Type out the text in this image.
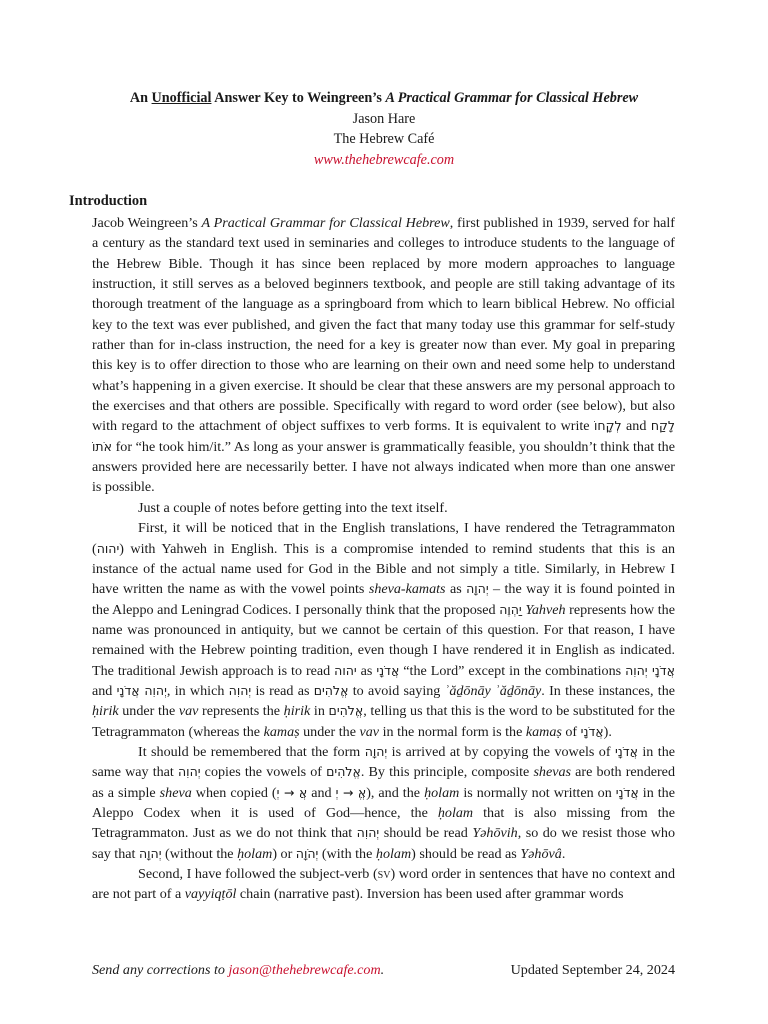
An Unofficial Answer Key to Weingreen’s A Practical Grammar for Classical Hebrew
Jason Hare
The Hebrew Café
www.thehebrewcafe.com
Introduction

Jacob Weingreen’s A Practical Grammar for Classical Hebrew, first published in 1939, served for half a century as the standard text used in seminaries and colleges to introduce students to the language of the Hebrew Bible. Though it has since been replaced by more modern approaches to language instruction, it still serves as a beloved beginners textbook, and people are still taking advantage of its thorough treatment of the language as a springboard from which to learn biblical Hebrew. No official key to the text was ever published, and given the fact that many today use this grammar for self-study rather than for in-class instruction, the need for a key is greater now than ever. My goal in preparing this key is to offer direction to those who are learning on their own and need some help to understand what’s happening in a given exercise. It should be clear that these answers are my personal approach to the exercises and that others are possible. Specifically with regard to word order (see below), but also with regard to the attachment of object suffixes to verb forms. It is equivalent to write לְקָחוֹ and לָקַח אֹתוֹ for “he took him/it.” As long as your answer is grammatically feasible, you shouldn’t think that the answers provided here are necessarily better. I have not always indicated when more than one answer is possible.

Just a couple of notes before getting into the text itself.

First, it will be noticed that in the English translations, I have rendered the Tetragrammaton (יהוה) with Yahweh in English. This is a compromise intended to remind students that this is an instance of the actual name used for God in the Bible and not simply a title. Similarly, in Hebrew I have written the name as with the vowel points sheva-kamats as יְהוָה – the way it is found pointed in the Aleppo and Leningrad Codices. I personally think that the proposed יַהְוֶה Yahveh represents how the name was pronounced in antiquity, but we cannot be certain of this question. For that reason, I have remained with the Hebrew pointing tradition, even though I have rendered it in English as indicated. The traditional Jewish approach is to read יהוה as אֲדֹנָי “the Lord” except in the combinations אֲדֹנָי יְהוִה and יְהוִה אֲדֹנָי, in which יְהוִה is read as אֱלֹהִים to avoid saying ʾăḏōnāy ʾăḏōnāy. In these instances, the ḥirik under the vav represents the ḥirik in אֱלֹהִים, telling us that this is the word to be substituted for the Tetragrammaton (whereas the kamaṣ under the vav in the normal form is the kamaṣ of אֲדֹנָי).

It should be remembered that the form יְהוָה is arrived at by copying the vowels of אֲדֹנָי in the same way that יְהוִה copies the vowels of אֱלֹהִים. By this principle, composite shevas are both rendered as a simple sheva when copied (אֲ → יְ and אֱ → יְ), and the ḥolam is normally not written on אֲדֹנָי in the Aleppo Codex when it is used of God—hence, the ḥolam that is also missing from the Tetragrammaton. Just as we do not think that יְהוִה should be read Yəhōvih, so do we resist those who say that יְהוָה (without the ḥolam) or יְהֹוָה (with the ḥolam) should be read as Yəhōvâ.

Second, I have followed the subject-verb (sv) word order in sentences that have no context and are not part of a vayyiqṭōl chain (narrative past). Inversion has been used after grammar words

Send any corrections to jason@thehebrewcafe.com.	Updated September 24, 2024
